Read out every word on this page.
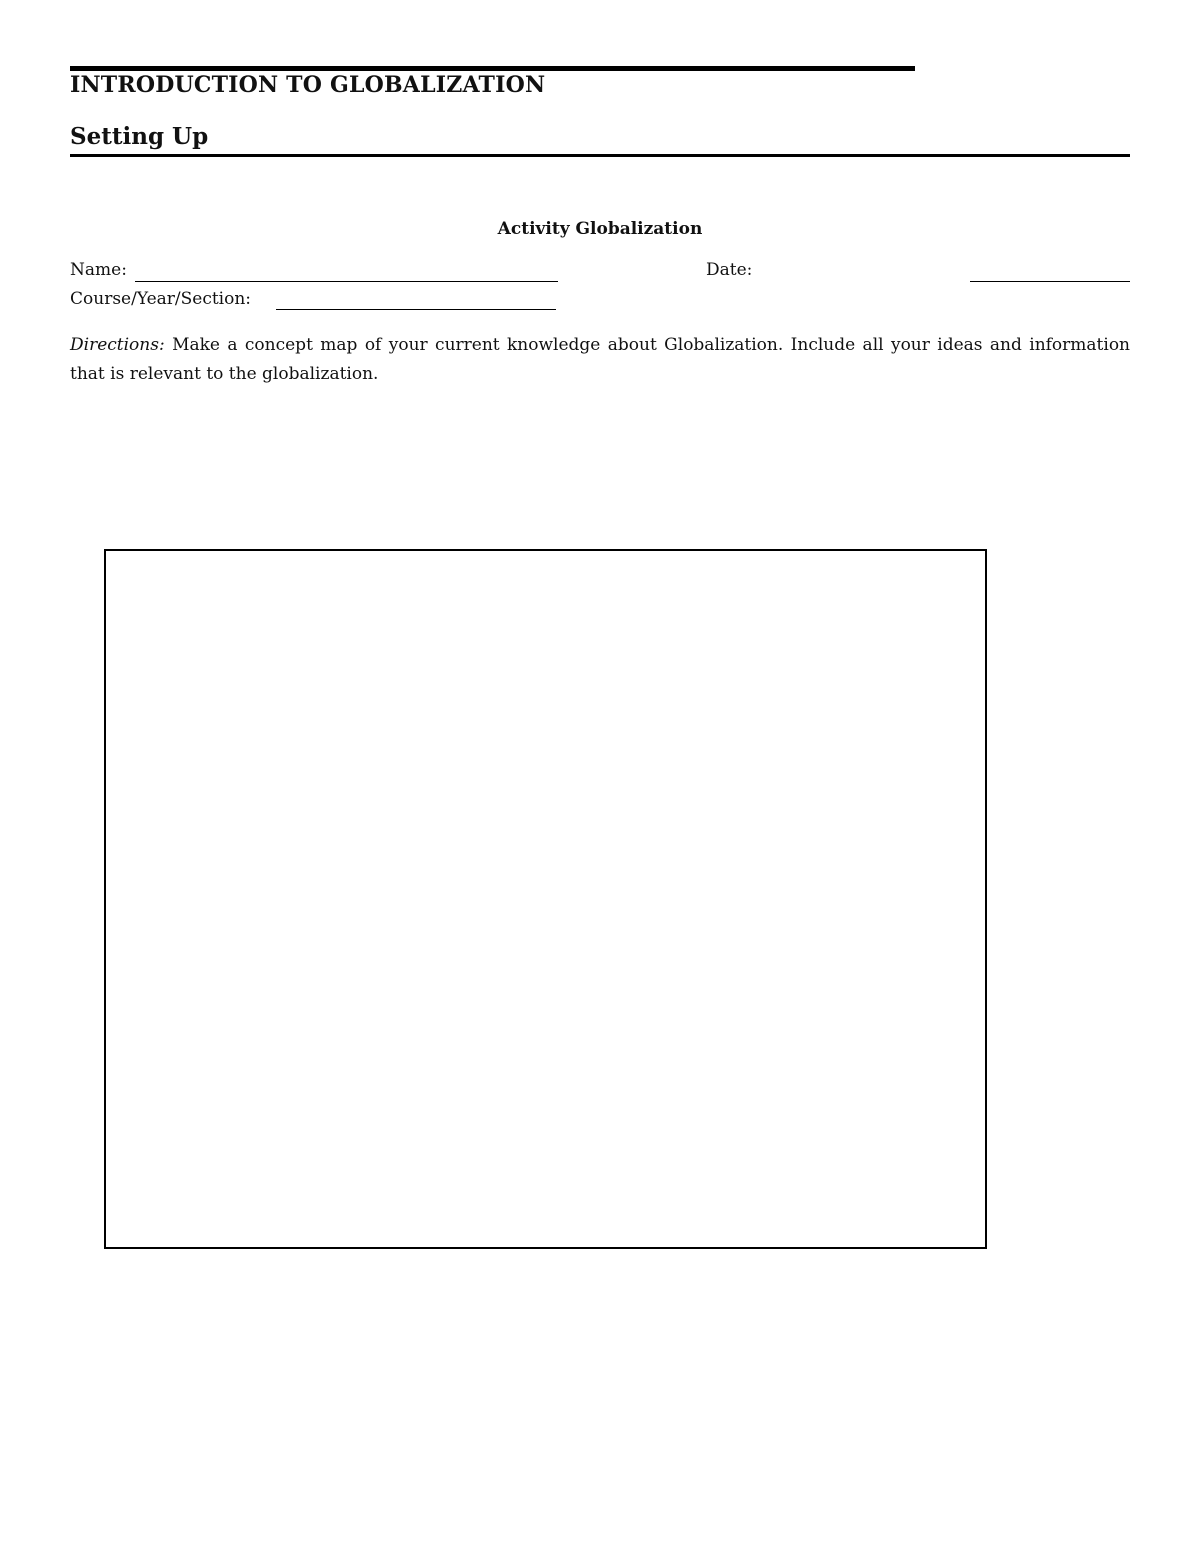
INTRODUCTION TO GLOBALIZATION
Setting Up
Activity Globalization
Name:	Date:
Course/Year/Section:
Directions: Make a concept map of your current knowledge about Globalization. Include all your ideas and information that is relevant to the globalization.
